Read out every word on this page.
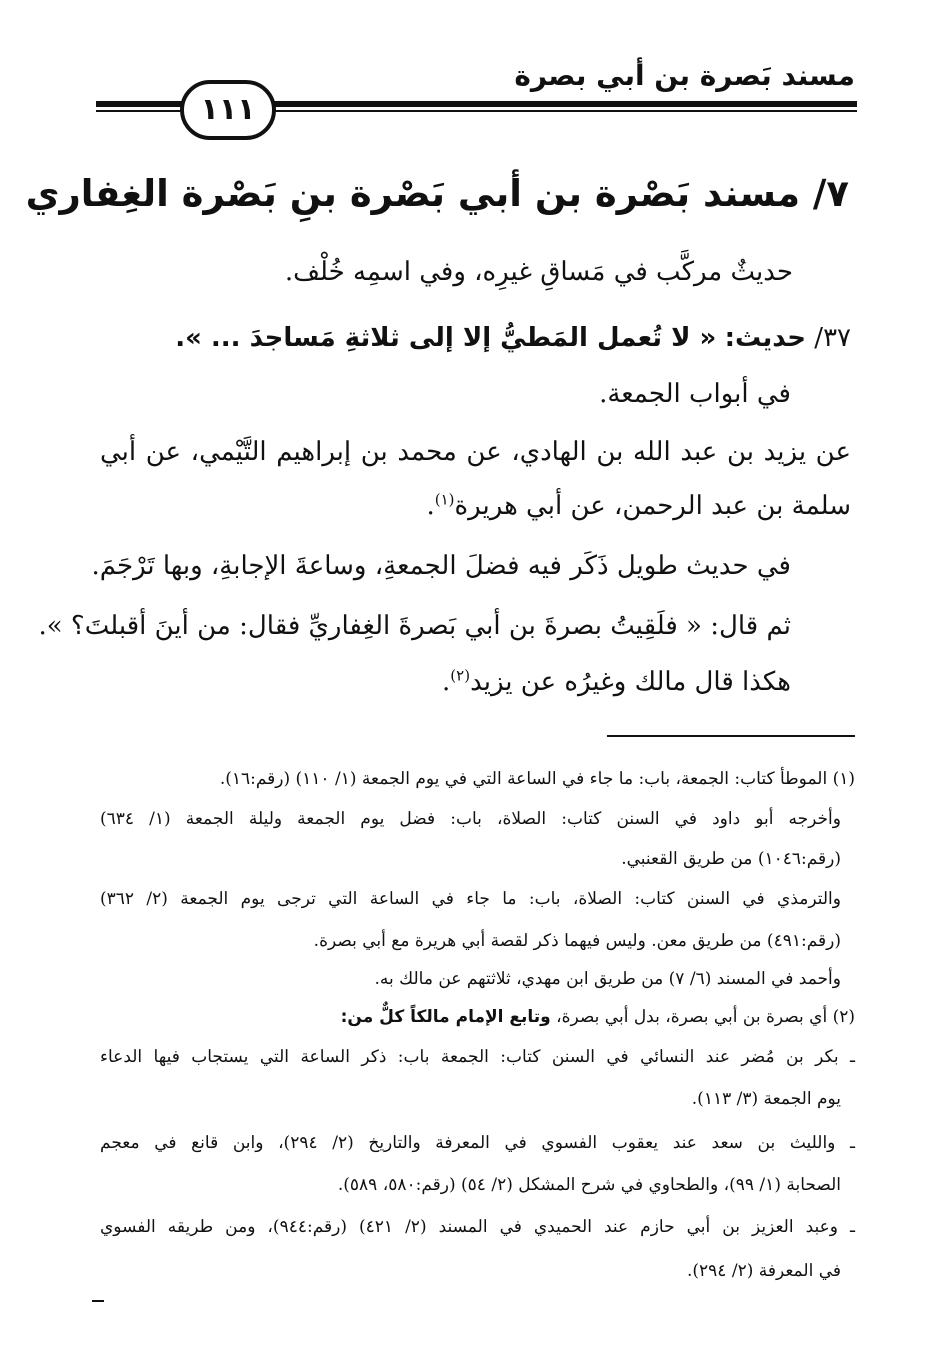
مسند بَصرة بن أبي بصرة
١١١
٧/ مسند بَصْرة بن أبي بَصْرة بنِ بَصْرة الغِفاري
حديثٌ مركَّب في مَساقِ غيرِه، وفي اسمِه خُلْف.
٣٧/ حديث: « لا تُعمل المَطيُّ إلا إلى ثلاثةِ مَساجدَ ... ».
في أبواب الجمعة.
عن يزيد بن عبد الله بن الهادي، عن محمد بن إبراهيم التَّيْمي، عن أبي
سلمة بن عبد الرحمن، عن أبي هريرة$^{(١)}$.
في حديث طويل ذَكَر فيه فضلَ الجمعةِ، وساعةَ الإجابةِ، وبها تَرْجَمَ.
ثم قال: « فلَقِيتُ بصرةَ بن أبي بَصرةَ الغِفاريِّ فقال: من أينَ أقبلتَ؟ ».
هكذا قال مالك وغيرُه عن يزيد$^{(٢)}$.
(١) الموطأ كتاب: الجمعة، باب: ما جاء في الساعة التي في يوم الجمعة (١/ ١١٠) (رقم:١٦).
وأخرجه أبو داود في السنن كتاب: الصلاة، باب: فضل يوم الجمعة وليلة الجمعة (١/ ٦٣٤)
(رقم:١٠٤٦) من طريق القعنبي.
والترمذي في السنن كتاب: الصلاة، باب: ما جاء في الساعة التي ترجى يوم الجمعة (٢/ ٣٦٢)
(رقم:٤٩١) من طريق معن. وليس فيهما ذكر لقصة أبي هريرة مع أبي بصرة.
وأحمد في المسند (٦/ ٧) من طريق ابن مهدي، ثلاثتهم عن مالك به.
(٢) أي بصرة بن أبي بصرة، بدل أبي بصرة، وتابع الإمام مالكاً كلٌّ من:
ـ بكر بن مُضر عند النسائي في السنن كتاب: الجمعة باب: ذكر الساعة التي يستجاب فيها الدعاء
يوم الجمعة (٣/ ١١٣).
ـ والليث بن سعد عند يعقوب الفسوي في المعرفة والتاريخ (٢/ ٢٩٤)، وابن قانع في معجم
الصحابة (١/ ٩٩)، والطحاوي في شرح المشكل (٢/ ٥٤) (رقم:٥٨٠، ٥٨٩).
ـ وعبد العزيز بن أبي حازم عند الحميدي في المسند (٢/ ٤٢١) (رقم:٩٤٤)، ومن طريقه الفسوي
في المعرفة (٢/ ٢٩٤).
